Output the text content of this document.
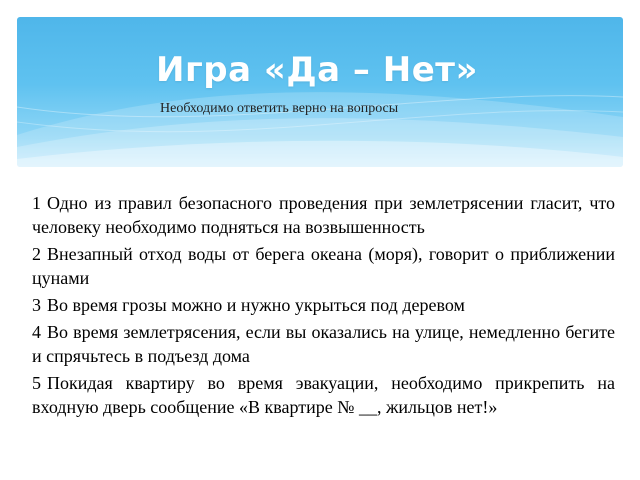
Игра «Да – Нет»
Необходимо ответить верно на вопросы
1 Одно из правил безопасного проведения при землетрясении гласит, что человеку необходимо подняться на возвышенность
2 Внезапный отход воды от берега океана (моря), говорит о приближении цунами
3 Во время грозы можно и нужно укрыться под деревом
4 Во время землетрясения, если вы оказались на улице, немедленно бегите и спрячьтесь в подъезд дома
5 Покидая квартиру во время эвакуации, необходимо прикрепить на входную дверь сообщение «В квартире № __, жильцов нет!»
